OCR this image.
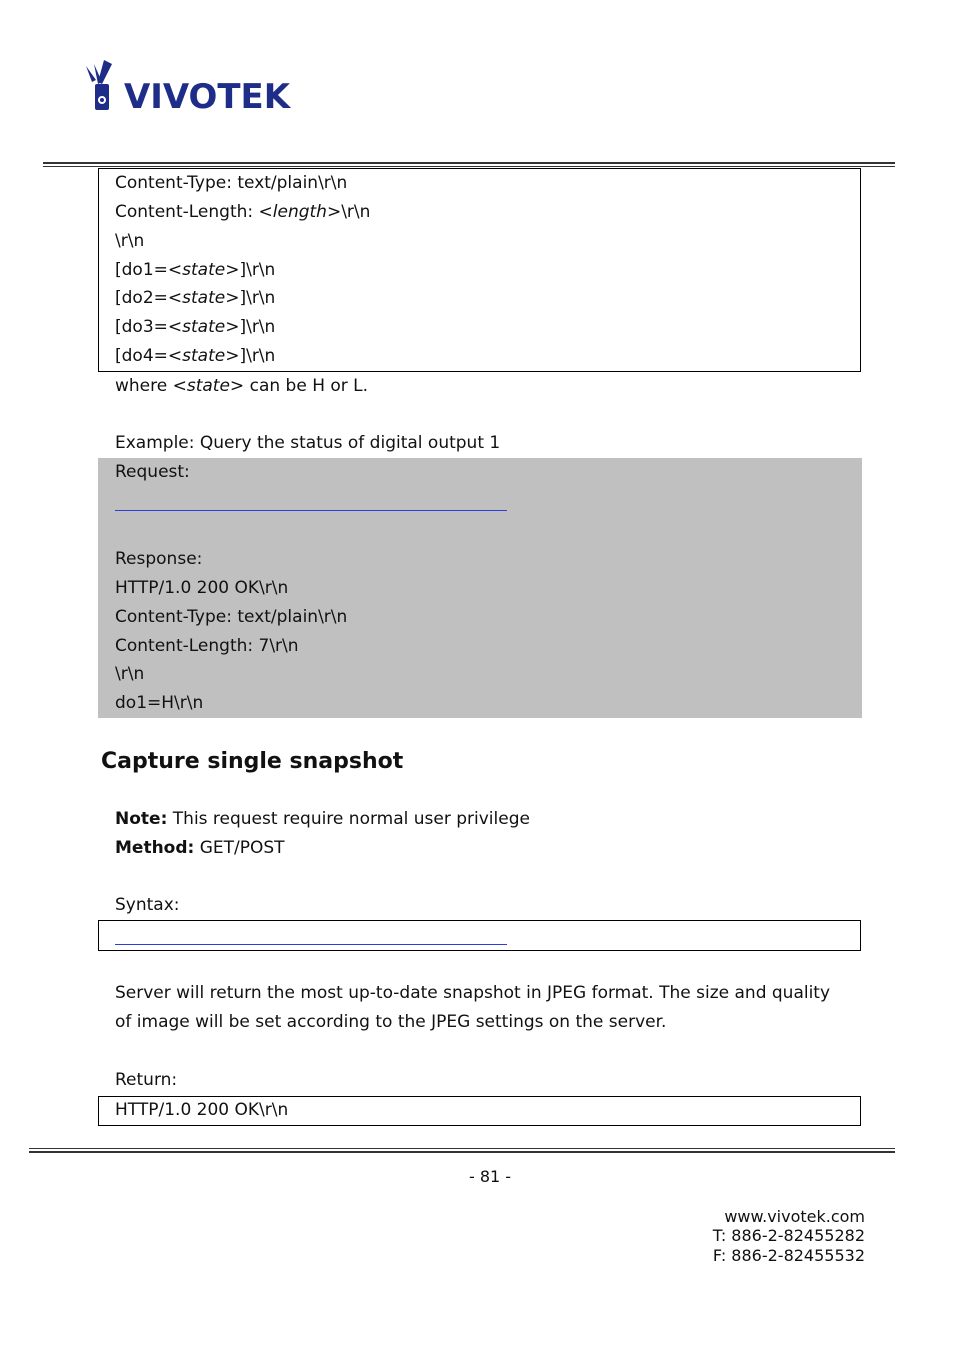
VIVOTEK
Content-Type: text/plain\r\n
Content-Length: <length>\r\n
\r\n
[do1=<state>]\r\n
[do2=<state>]\r\n
[do3=<state>]\r\n
[do4=<state>]\r\n
where <state> can be H or L.
Example: Query the status of digital output 1
Request:
Response:
HTTP/1.0 200 OK\r\n
Content-Type: text/plain\r\n
Content-Length: 7\r\n
\r\n
do1=H\r\n
Capture single snapshot
Note: This request require normal user privilege
Method: GET/POST
Syntax:
Server will return the most up-to-date snapshot in JPEG format. The size and quality
of image will be set according to the JPEG settings on the server.
Return:
HTTP/1.0 200 OK\r\n
- 81 -
www.vivotek.com
T: 886-2-82455282
F: 886-2-82455532
